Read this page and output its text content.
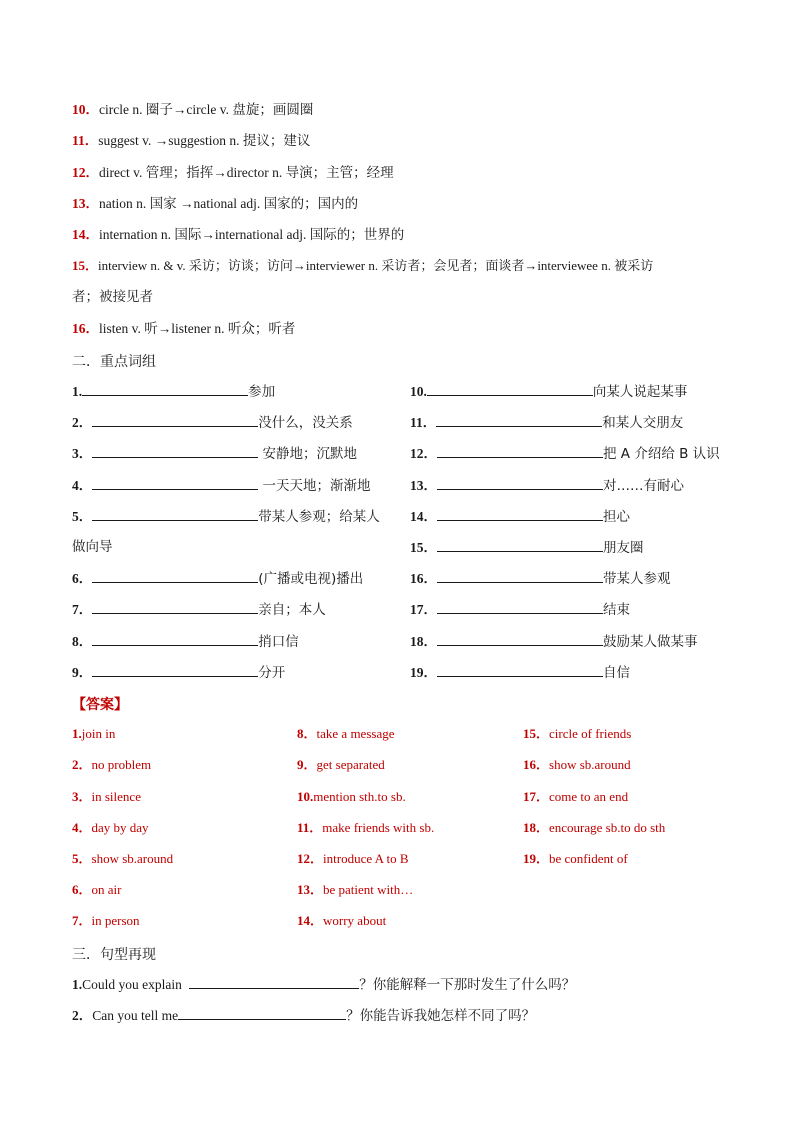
10．circle n. 圈子→circle v. 盘旋；画圆圈
11．suggest v. →suggestion n. 提议；建议
12．direct v. 管理；指挥→director n. 导演；主管；经理
13．nation n. 国家 →national adj. 国家的；国内的
14．internation n. 国际→international adj. 国际的；世界的
15．interview n. & v. 采访；访谈；访问→interviewer n. 采访者；会见者；面谈者→interviewee n. 被采访
者；被接见者
16．listen v. 听→listener n. 听众；听者
二．重点词组
1.	参加
2．	没什么，没关系
3．	安静地；沉默地
4．	一天天地；渐渐地
5．	带某人参观；给某人
做向导
6．	(广播或电视)播出
7．	亲自；本人
8．	捎口信
9．	分开
10.	向某人说起某事
11．	和某人交朋友
12．	把 A 介绍给 B 认识
13．	对……有耐心
14．	担心
15．	朋友圈
16．	带某人参观
17．	结束
18．	鼓励某人做某事
19．	自信
【答案】
1.join in
2．no problem
3．in silence
4．day by day
5．show sb.around
6．on air
7．in person
8．take a message
9．get separated
10.mention sth.to sb.
11．make friends with sb.
12．introduce A to B
13．be patient with…
14．worry about
15．circle of friends
16．show sb.around
17．come to an end
18．encourage sb.to do sth
19．be confident of
三．句型再现
1.Could you explain	？你能解释一下那时发生了什么吗？
2．Can you tell me	？你能告诉我她怎样不同了吗？
